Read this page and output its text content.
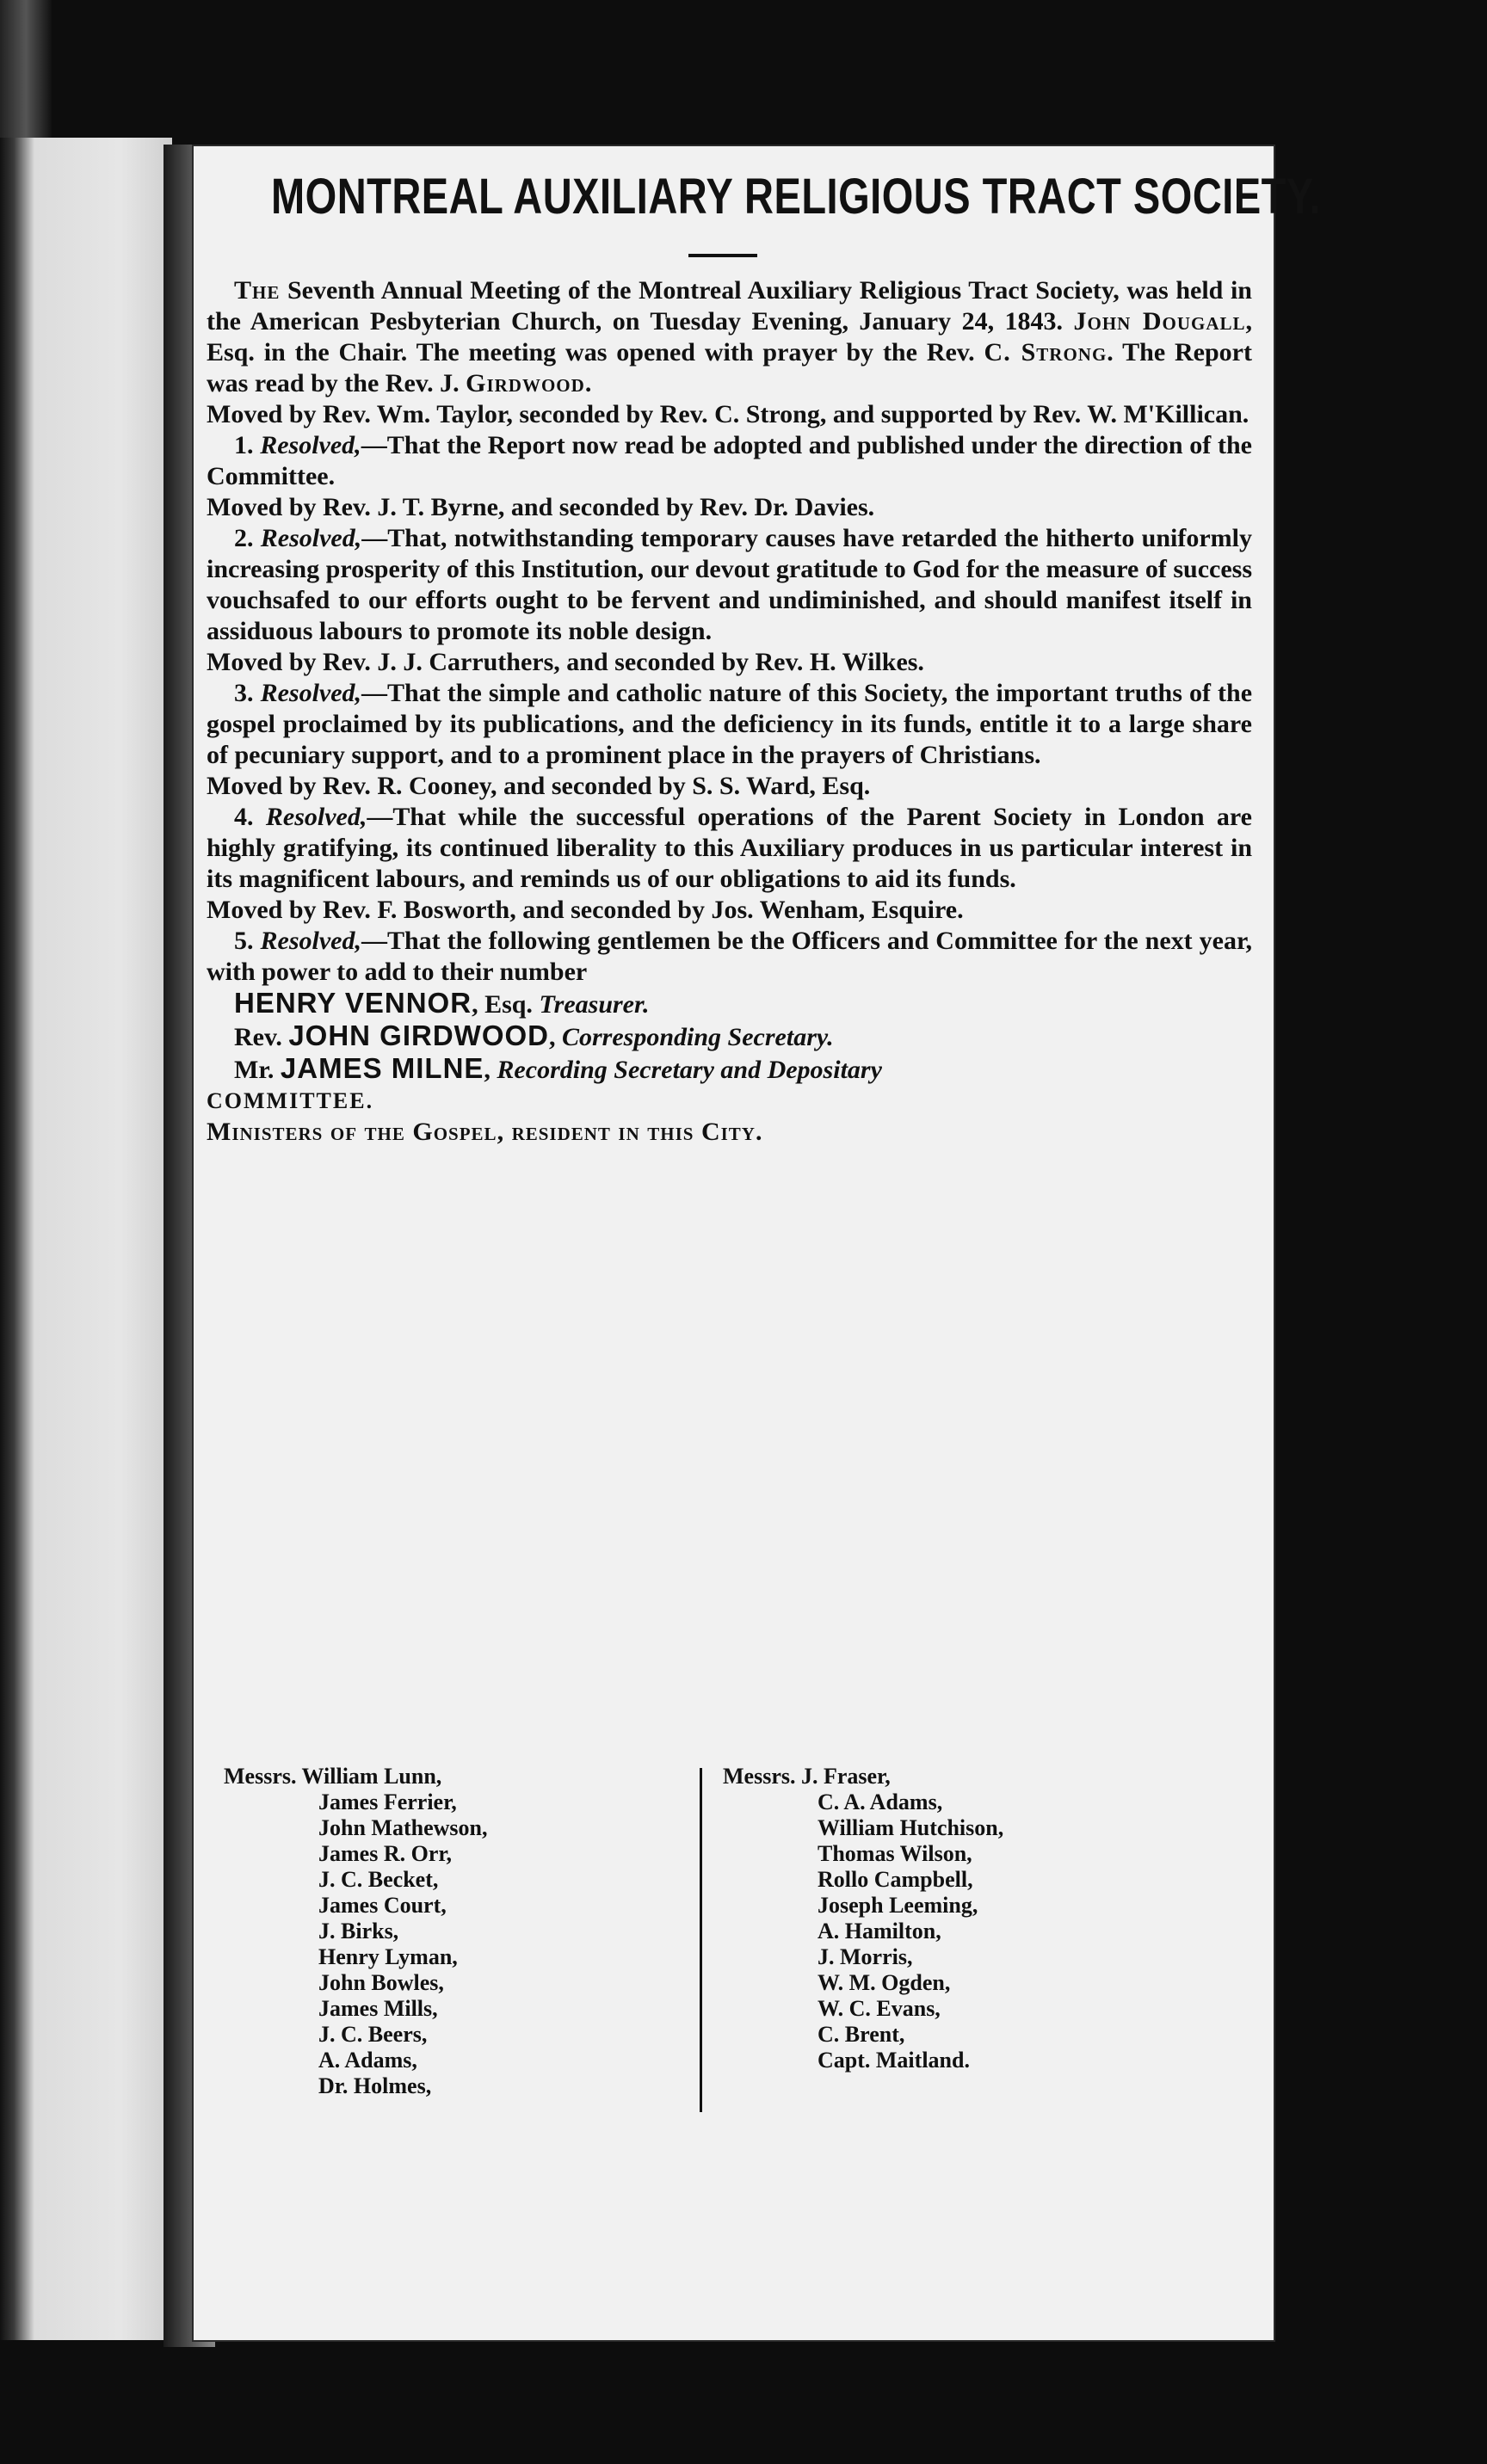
MONTREAL AUXILIARY RELIGIOUS TRACT SOCIETY.

The Seventh Annual Meeting of the Montreal Auxiliary Religious Tract Society, was held in the American Pesbyterian Church, on Tuesday Evening, January 24, 1843. John Dougall, Esq. in the Chair. The meeting was opened with prayer by the Rev. C. Strong. The Report was read by the Rev. J. Girdwood.

Moved by Rev. Wm. Taylor, seconded by Rev. C. Strong, and supported by Rev. W. M'Killican.

1. Resolved,—That the Report now read be adopted and published under the direction of the Committee.

Moved by Rev. J. T. Byrne, and seconded by Rev. Dr. Davies.

2. Resolved,—That, notwithstanding temporary causes have retarded the hitherto uniformly increasing prosperity of this Institution, our devout gratitude to God for the measure of success vouchsafed to our efforts ought to be fervent and undiminished, and should manifest itself in assiduous labours to promote its noble design.

Moved by Rev. J. J. Carruthers, and seconded by Rev. H. Wilkes.

3. Resolved,—That the simple and catholic nature of this Society, the important truths of the gospel proclaimed by its publications, and the deficiency in its funds, entitle it to a large share of pecuniary support, and to a prominent place in the prayers of Christians.

Moved by Rev. R. Cooney, and seconded by S. S. Ward, Esq.

4. Resolved,—That while the successful operations of the Parent Society in London are highly gratifying, its continued liberality to this Auxiliary produces in us particular interest in its magnificent labours, and reminds us of our obligations to aid its funds.

Moved by Rev. F. Bosworth, and seconded by Jos. Wenham, Esquire.

5. Resolved,—That the following gentlemen be the Officers and Committee for the next year, with power to add to their number

HENRY VENNOR, Esq. Treasurer.

Rev. JOHN GIRDWOOD, Corresponding Secretary.

Mr. JAMES MILNE, Recording Secretary and Depositary

COMMITTEE.

Ministers of the Gospel, resident in this City.

Messrs. William Lunn,
James Ferrier,
John Mathewson,
James R. Orr,
J. C. Becket,
James Court,
J. Birks,
Henry Lyman,
John Bowles,
James Mills,
J. C. Beers,
A. Adams,
Dr. Holmes,
Messrs. J. Fraser,
C. A. Adams,
William Hutchison,
Thomas Wilson,
Rollo Campbell,
Joseph Leeming,
A. Hamilton,
J. Morris,
W. M. Ogden,
W. C. Evans,
C. Brent,
Capt. Maitland.
